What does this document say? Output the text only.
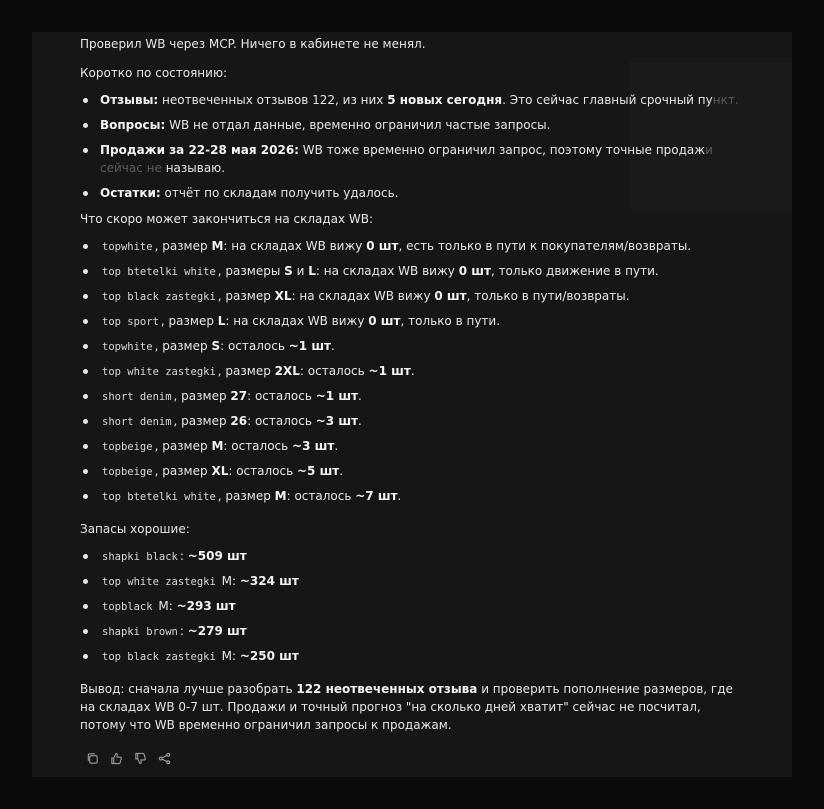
Проверил WB через MCP. Ничего в кабинете не менял.

Коротко по состоянию:

Отзывы: неотвеченных отзывов 122, из них 5 новых сегодня. Это сейчас главный срочный пункт.
Вопросы: WB не отдал данные, временно ограничил частые запросы.
Продажи за 22-28 мая 2026: WB тоже временно ограничил запрос, поэтому точные продажи сейчас не называю.
Остатки: отчёт по складам получить удалось.

Что скоро может закончиться на складах WB:

topwhite , размер M: на складах WB вижу 0 шт, есть только в пути к покупателям/возвраты.
top btetelki white , размеры S и L: на складах WB вижу 0 шт, только движение в пути.
top black zastegki , размер XL: на складах WB вижу 0 шт, только в пути/возвраты.
top sport , размер L: на складах WB вижу 0 шт, только в пути.
topwhite , размер S: осталось ~1 шт.
top white zastegki , размер 2XL: осталось ~1 шт.
short denim , размер 27: осталось ~1 шт.
short denim , размер 26: осталось ~3 шт.
topbeige , размер M: осталось ~3 шт.
topbeige , размер XL: осталось ~5 шт.
top btetelki white , размер M: осталось ~7 шт.

Запасы хорошие:

shapki black : ~509 шт
top white zastegki M: ~324 шт
topblack M: ~293 шт
shapki brown : ~279 шт
top black zastegki M: ~250 шт

Вывод: сначала лучше разобрать 122 неотвеченных отзыва и проверить пополнение размеров, где на складах WB 0-7 шт. Продажи и точный прогноз "на сколько дней хватит" сейчас не посчитал, потому что WB временно ограничил запросы к продажам.
